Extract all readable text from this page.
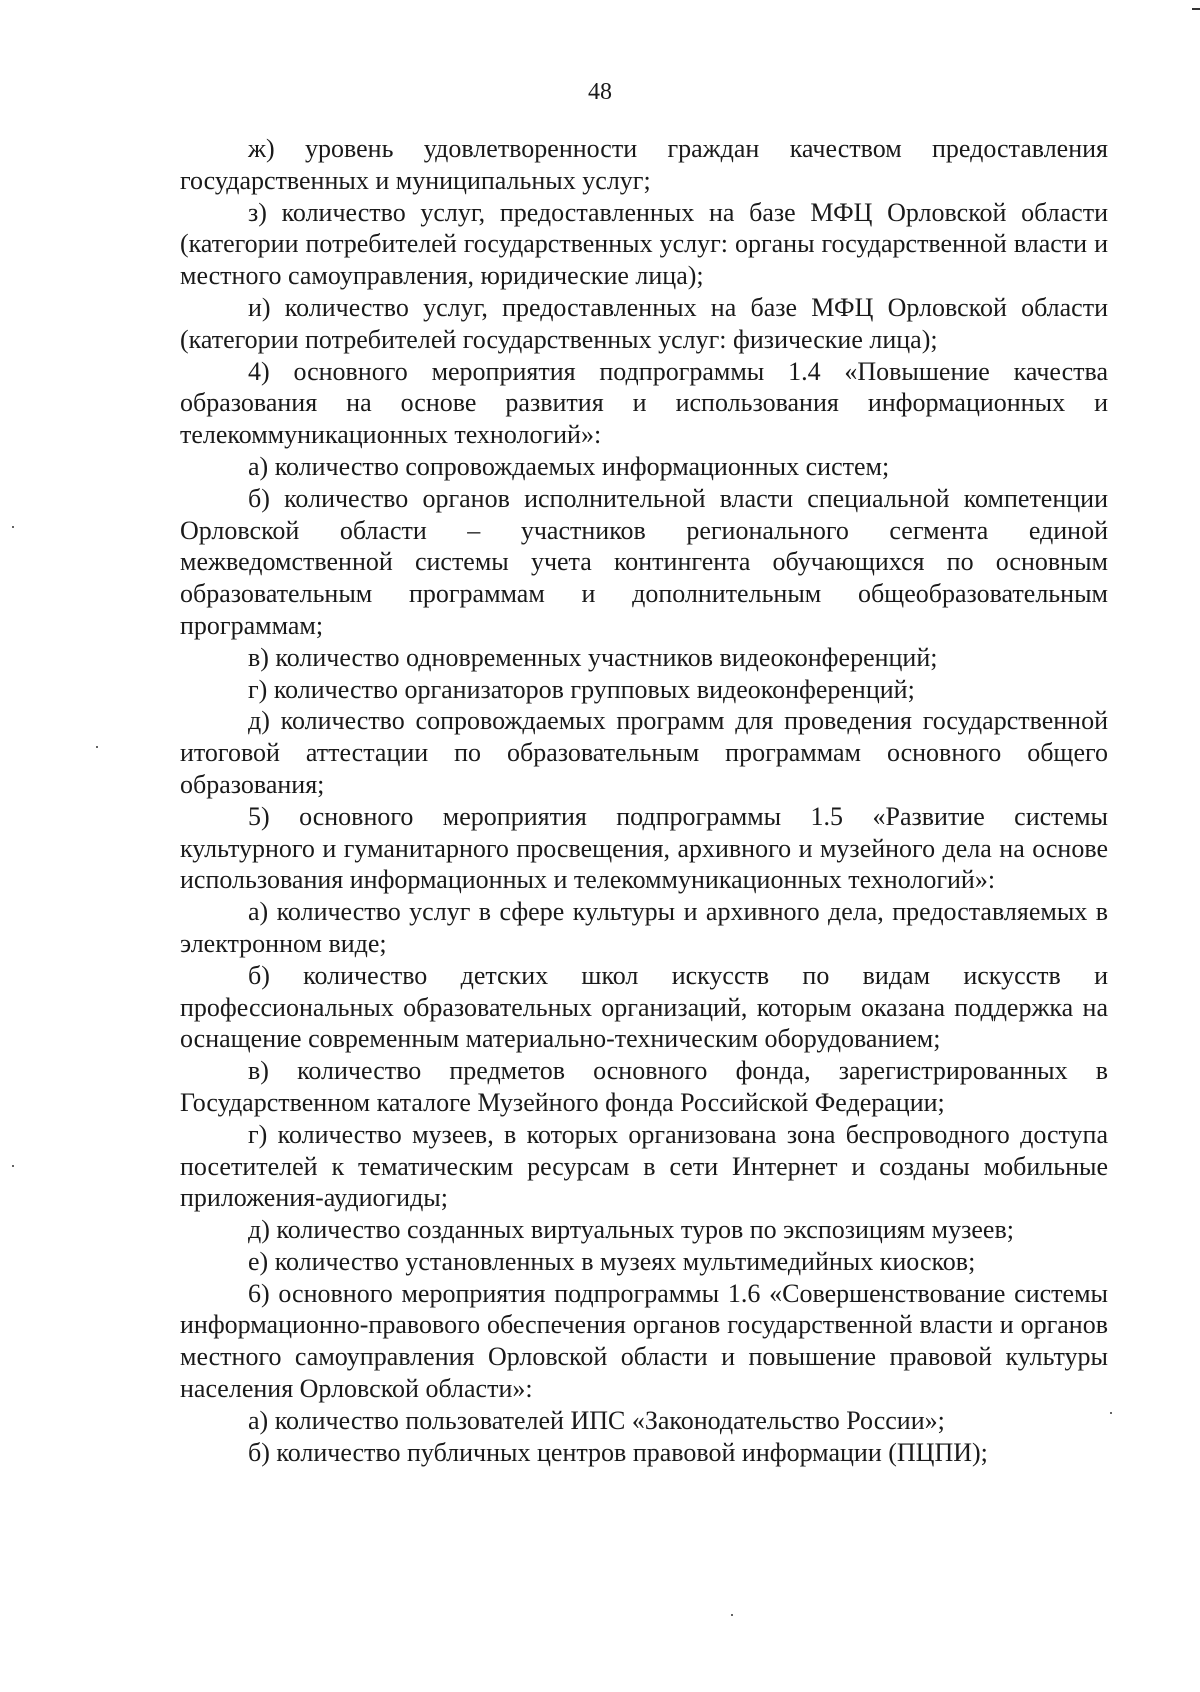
48

ж) уровень удовлетворенности граждан качеством предоставления государственных и муниципальных услуг;

з) количество услуг, предоставленных на базе МФЦ Орловской области (категории потребителей государственных услуг: органы государственной власти и местного самоуправления, юридические лица);

и) количество услуг, предоставленных на базе МФЦ Орловской области (категории потребителей государственных услуг: физические лица);

4) основного мероприятия подпрограммы 1.4 «Повышение качества образования на основе развития и использования информационных и телекоммуникационных технологий»:

а) количество сопровождаемых информационных систем;

б) количество органов исполнительной власти специальной компетенции Орловской области – участников регионального сегмента единой межведомственной системы учета контингента обучающихся по основным образовательным программам и дополнительным общеобразовательным программам;

в) количество одновременных участников видеоконференций;

г) количество организаторов групповых видеоконференций;

д) количество сопровождаемых программ для проведения государственной итоговой аттестации по образовательным программам основного общего образования;

5) основного мероприятия подпрограммы 1.5 «Развитие системы культурного и гуманитарного просвещения, архивного и музейного дела на основе использования информационных и телекоммуникационных технологий»:

а) количество услуг в сфере культуры и архивного дела, предоставляемых в электронном виде;

б) количество детских школ искусств по видам искусств и профессиональных образовательных организаций, которым оказана поддержка на оснащение современным материально-техническим оборудованием;

в) количество предметов основного фонда, зарегистрированных в Государственном каталоге Музейного фонда Российской Федерации;

г) количество музеев, в которых организована зона беспроводного доступа посетителей к тематическим ресурсам в сети Интернет и созданы мобильные приложения-аудиогиды;

д) количество созданных виртуальных туров по экспозициям музеев;

е) количество установленных в музеях мультимедийных киосков;

6) основного мероприятия подпрограммы 1.6 «Совершенствование системы информационно-правового обеспечения органов государственной власти и органов местного самоуправления Орловской области и повышение правовой культуры населения Орловской области»:

а) количество пользователей ИПС «Законодательство России»;

б) количество публичных центров правовой информации (ПЦПИ);
